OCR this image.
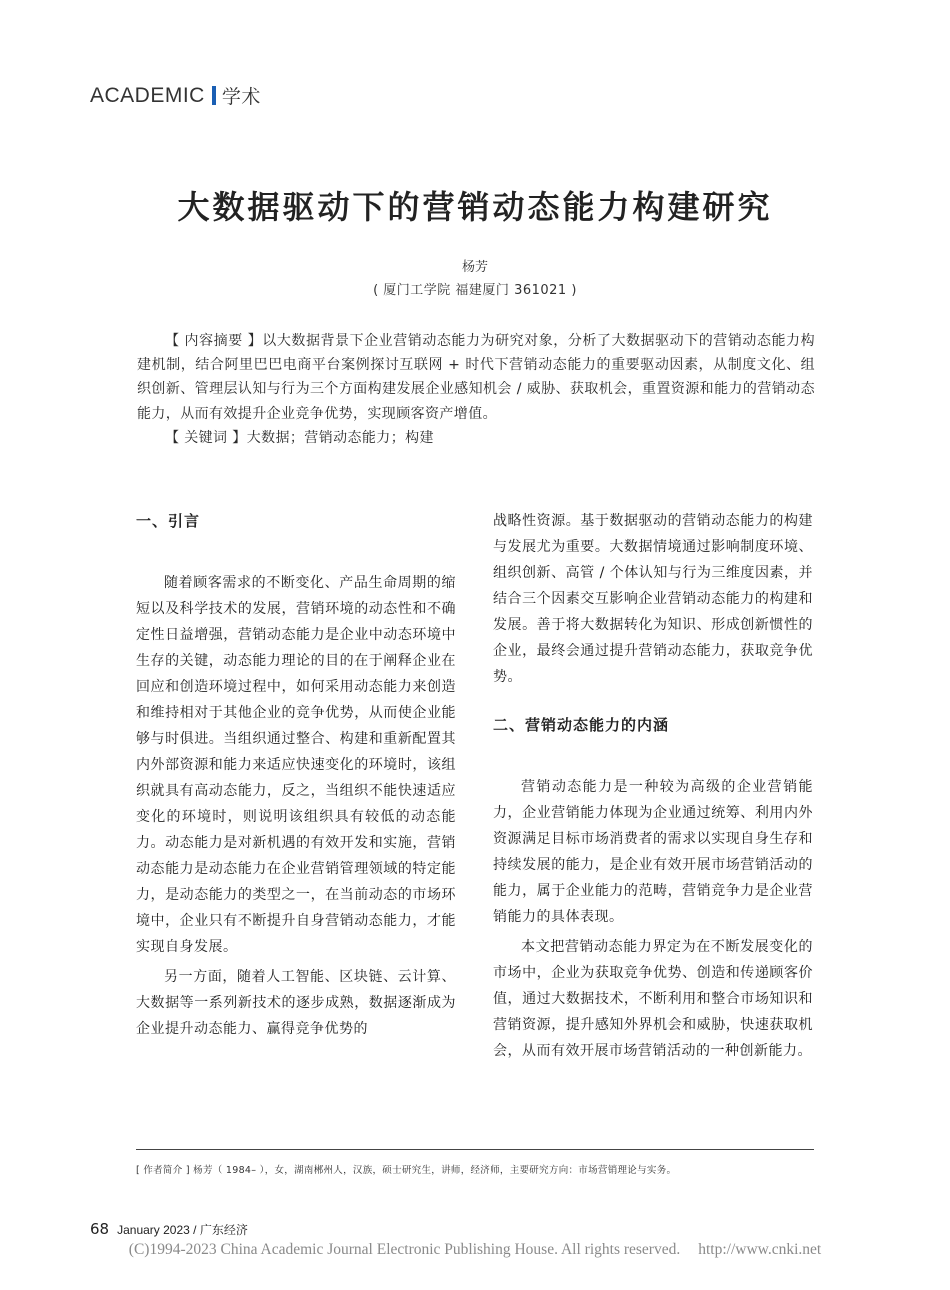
ACADEMIC 学术
大数据驱动下的营销动态能力构建研究
杨芳
( 厦门工学院 福建厦门 361021 )

【 内容摘要 】以大数据背景下企业营销动态能力为研究对象，分析了大数据驱动下的营销动态能力构建机制，结合阿里巴巴电商平台案例探讨互联网 + 时代下营销动态能力的重要驱动因素，从制度文化、组织创新、管理层认知与行为三个方面构建发展企业感知机会 / 威胁、获取机会，重置资源和能力的营销动态能力，从而有效提升企业竞争优势，实现顾客资产增值。

【 关键词 】大数据；营销动态能力；构建

一、引言

随着顾客需求的不断变化、产品生命周期的缩短以及科学技术的发展，营销环境的动态性和不确定性日益增强，营销动态能力是企业中动态环境中生存的关键，动态能力理论的目的在于阐释企业在回应和创造环境过程中，如何采用动态能力来创造和维持相对于其他企业的竞争优势，从而使企业能够与时俱进。当组织通过整合、构建和重新配置其内外部资源和能力来适应快速变化的环境时，该组织就具有高动态能力，反之，当组织不能快速适应变化的环境时，则说明该组织具有较低的动态能力。动态能力是对新机遇的有效开发和实施，营销动态能力是动态能力在企业营销管理领域的特定能力，是动态能力的类型之一，在当前动态的市场环境中，企业只有不断提升自身营销动态能力，才能实现自身发展。

另一方面，随着人工智能、区块链、云计算、大数据等一系列新技术的逐步成熟，数据逐渐成为企业提升动态能力、赢得竞争优势的

战略性资源。基于数据驱动的营销动态能力的构建与发展尤为重要。大数据情境通过影响制度环境、组织创新、高管 / 个体认知与行为三维度因素，并结合三个因素交互影响企业营销动态能力的构建和发展。善于将大数据转化为知识、形成创新惯性的企业，最终会通过提升营销动态能力，获取竞争优势。

二、营销动态能力的内涵

营销动态能力是一种较为高级的企业营销能力，企业营销能力体现为企业通过统筹、利用内外资源满足目标市场消费者的需求以实现自身生存和持续发展的能力，是企业有效开展市场营销活动的能力，属于企业能力的范畴，营销竞争力是企业营销能力的具体表现。

本文把营销动态能力界定为在不断发展变化的市场中，企业为获取竞争优势、创造和传递顾客价值，通过大数据技术，不断利用和整合市场知识和营销资源，提升感知外界机会和威胁，快速获取机会，从而有效开展市场营销活动的一种创新能力。

[ 作者简介 ] 杨芳（ 1984– ），女，湖南郴州人，汉族，硕士研究生，讲师，经济师，主要研究方向：市场营销理论与实务。
68 January 2023 / 广东经济
(C)1994-2023 China Academic Journal Electronic Publishing House. All rights reserved. http://www.cnki.net
